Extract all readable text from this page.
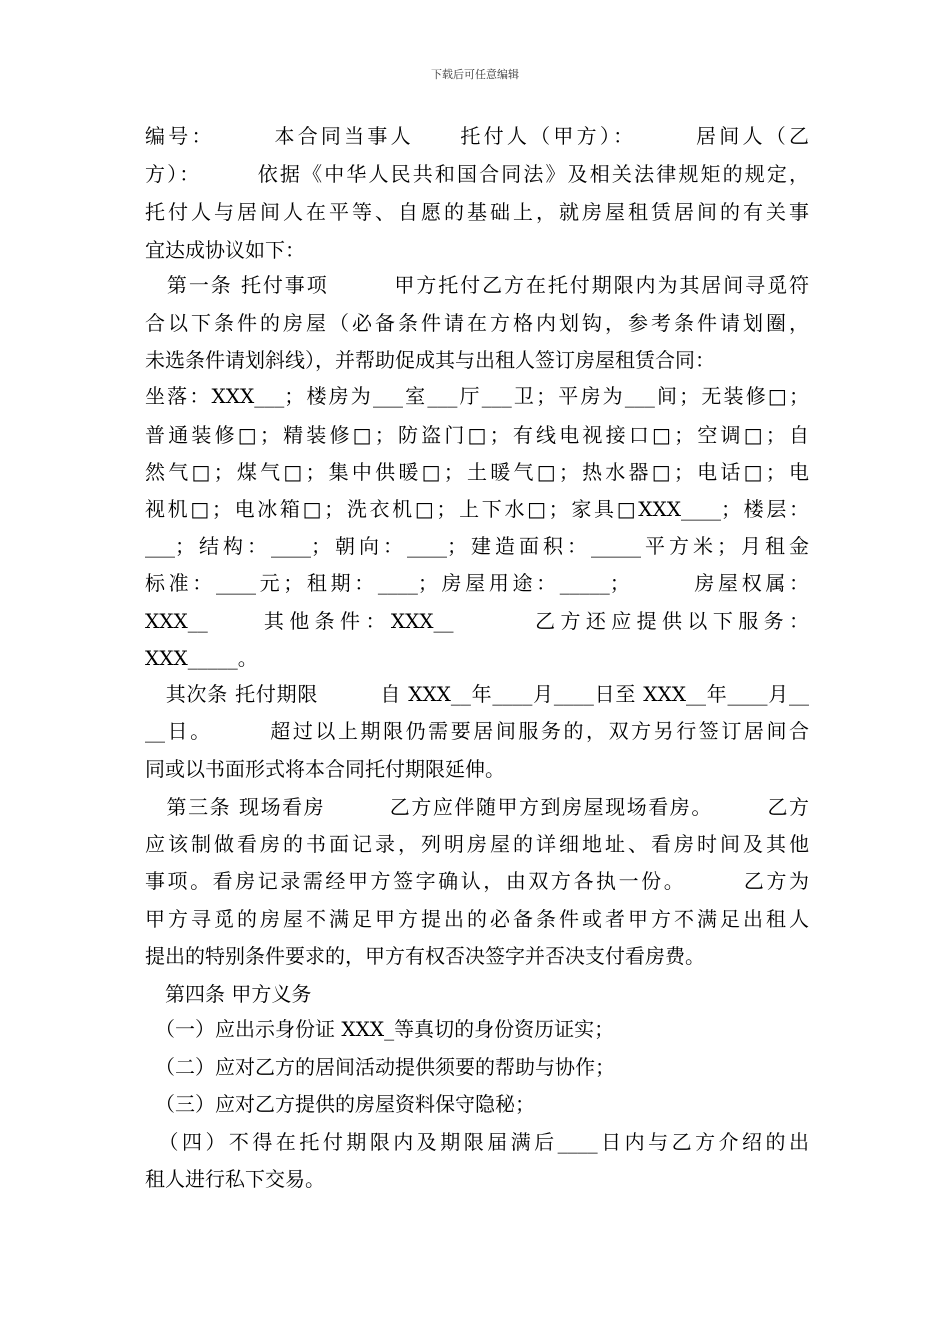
下载后可任意编辑
编号：　　　本合同当事人　　托付人（甲方）：　　　居间人（乙
方）：　　　依据《中华人民共和国合同法》及相关法律规矩的规定，
托付人与居间人在平等、自愿的基础上，就房屋租赁居间的有关事
宜达成协议如下：
　第一条 托付事项　　　甲方托付乙方在托付期限内为其居间寻觅符
合以下条件的房屋（必备条件请在方格内划钩，参考条件请划圈，
未选条件请划斜线），并帮助促成其与出租人签订房屋租赁合同：
坐落：XXX___；楼房为___室___厅___卫；平房为___间；无装修□；
普通装修□；精装修□；防盗门□；有线电视接口□；空调□；自
然气□；煤气□；集中供暖□；土暖气□；热水器□；电话□；电
视机□；电冰箱□；洗衣机□；上下水□；家具□XXX____；楼层：
___；结构：____；朝向：____；建造面积：_____平方米；月租金
标准：____元；租期：____；房屋用途：_____；　　　房屋权属：
XXX__　　其他条件：XXX__　　　乙方还应提供以下服务：
XXX_____。
　其次条 托付期限　　　自 XXX__年____月____日至 XXX__年____月__
__日。　　　超过以上期限仍需要居间服务的，双方另行签订居间合
同或以书面形式将本合同托付期限延伸。
　第三条 现场看房　　　乙方应伴随甲方到房屋现场看房。　　　乙方
应该制做看房的书面记录，列明房屋的详细地址、看房时间及其他
事项。看房记录需经甲方签字确认，由双方各执一份。　　　乙方为
甲方寻觅的房屋不满足甲方提出的必备条件或者甲方不满足出租人
提出的特别条件要求的，甲方有权否决签字并否决支付看房费。
　第四条 甲方义务
　（一）应出示身份证 XXX_等真切的身份资历证实；
　（二）应对乙方的居间活动提供须要的帮助与协作；
　（三）应对乙方提供的房屋资料保守隐秘；
　（四）不得在托付期限内及期限届满后____日内与乙方介绍的出
租人进行私下交易。
